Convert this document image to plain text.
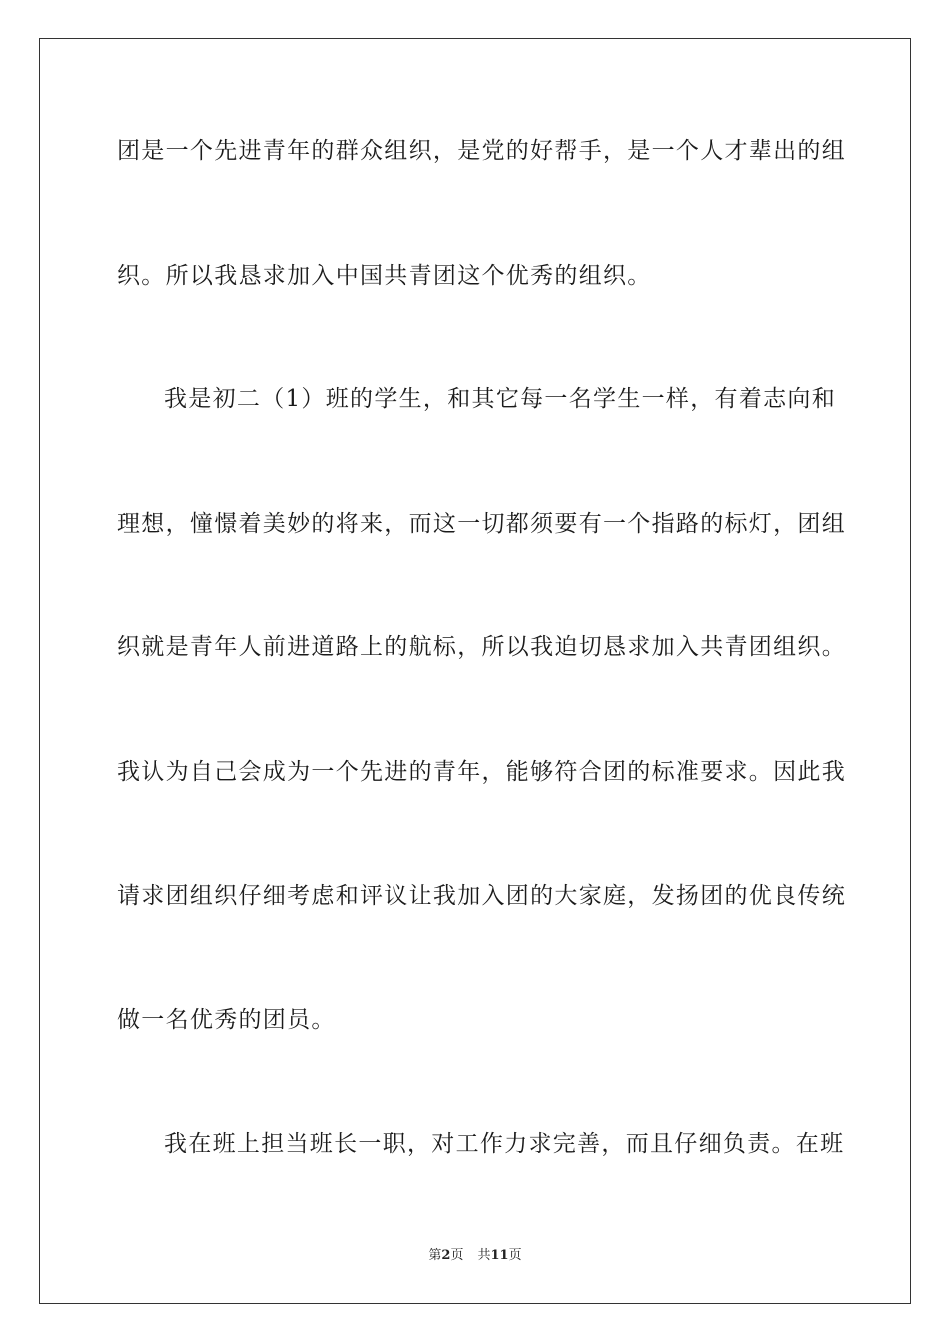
团是一个先进青年的群众组织，是党的好帮手，是一个人才辈出的组
织。所以我恳求加入中国共青团这个优秀的组织。
我是初二（1）班的学生，和其它每一名学生一样，有着志向和
理想，憧憬着美妙的将来，而这一切都须要有一个指路的标灯，团组
织就是青年人前进道路上的航标，所以我迫切恳求加入共青团组织。
我认为自己会成为一个先进的青年，能够符合团的标准要求。因此我
请求团组织仔细考虑和评议让我加入团的大家庭，发扬团的优良传统
做一名优秀的团员。
我在班上担当班长一职，对工作力求完善，而且仔细负责。在班
第2页 共11页
